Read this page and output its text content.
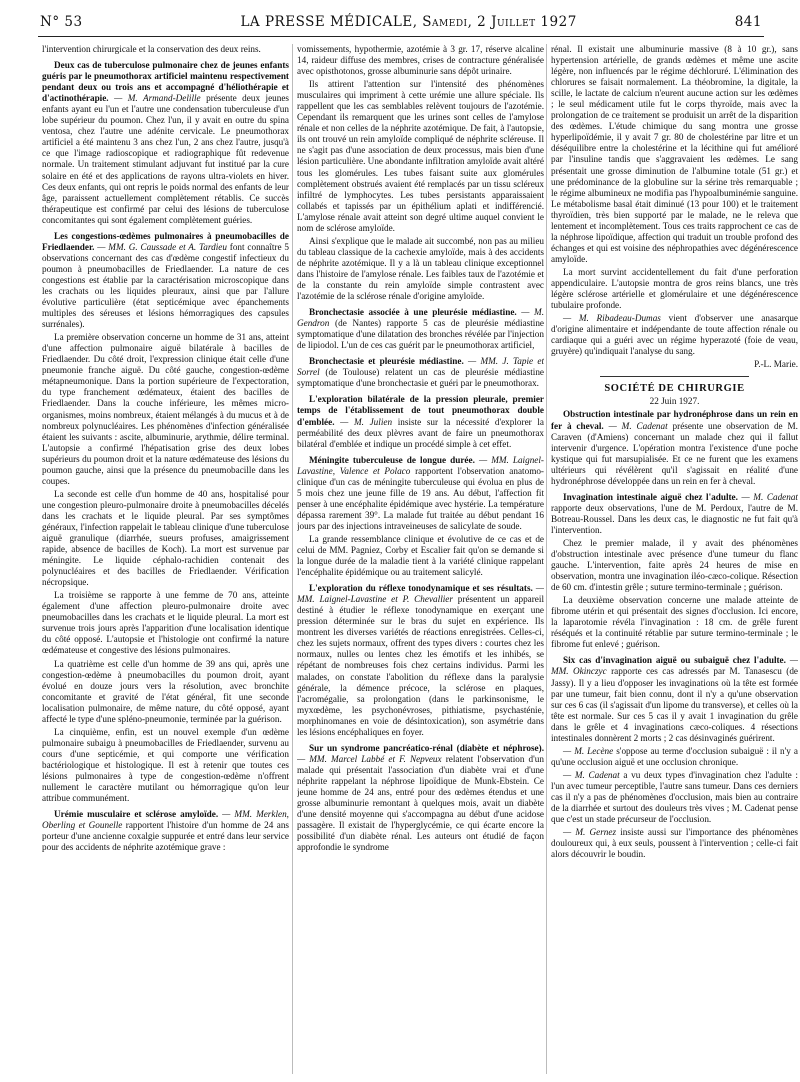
N° 53	LA PRESSE MÉDICALE, Samedi, 2 Juillet 1927	841

l'intervention chirurgicale et la conservation des deux reins.

Deux cas de tuberculose pulmonaire chez de jeunes enfants guéris par le pneumothorax artificiel maintenu respectivement pendant deux ou trois ans et accompagné d'héliothérapie et d'actinothérapie. — M. Armand-Delille présente deux jeunes enfants ayant eu l'un et l'autre une condensation tuberculeuse d'un lobe supérieur du poumon. Chez l'un, il y avait en outre du spina ventosa, chez l'autre une adénite cervicale. Le pneumothorax artificiel a été maintenu 3 ans chez l'un, 2 ans chez l'autre, jusqu'à ce que l'image radioscopique et radiographique fût redevenue normale. Un traitement stimulant adjuvant fut institué par la cure solaire en été et des applications de rayons ultra-violets en hiver. Ces deux enfants, qui ont repris le poids normal des enfants de leur âge, paraissent actuellement complètement rétablis. Ce succès thérapeutique est confirmé par celui des lésions de tuberculose concomitantes qui sont également complètement guéries.

Les congestions-œdèmes pulmonaires à pneumobacilles de Friedlaender. — MM. G. Caussade et A. Tardieu font connaître 5 observations concernant des cas d'œdème congestif infectieux du poumon à pneumobacilles de Friedlaender. La nature de ces congestions est établie par la caractérisation microscopique dans les crachats ou les liquides pleuraux, ainsi que par l'allure évolutive particulière (état septicémique avec épanchements multiples des séreuses et lésions hémorragiques des capsules surrénales).

La première observation concerne un homme de 31 ans, atteint d'une affection pulmonaire aiguë bilatérale à bacilles de Friedlaender. Du côté droit, l'expression clinique était celle d'une pneumonie franche aiguë. Du côté gauche, congestion-œdème métapneumonique. Dans la portion supérieure de l'expectoration, du type franchement œdémateux, étaient des bacilles de Friedlaender. Dans la couche inférieure, les mêmes micro-organismes, moins nombreux, étaient mélangés à du mucus et à de nombreux polynucléaires. Les phénomènes d'infection généralisée étaient les suivants : ascite, albuminurie, arythmie, délire terminal. L'autopsie a confirmé l'hépatisation grise des deux lobes supérieurs du poumon droit et la nature œdémateuse des lésions du poumon gauche, ainsi que la présence du pneumobacille dans les coupes.

La seconde est celle d'un homme de 40 ans, hospitalisé pour une congestion pleuro-pulmonaire droite à pneumobacilles décelés dans les crachats et le liquide pleural. Par ses symptômes généraux, l'infection rappelait le tableau clinique d'une tuberculose aiguë granulique (diarrhée, sueurs profuses, amaigrissement rapide, absence de bacilles de Koch). La mort est survenue par méningite. Le liquide céphalo-rachidien contenait des polynucléaires et des bacilles de Friedlaender. Vérification nécropsique.

La troisième se rapporte à une femme de 70 ans, atteinte également d'une affection pleuro-pulmonaire droite avec pneumobacilles dans les crachats et le liquide pleural. La mort est survenue trois jours après l'apparition d'une localisation identique du côté opposé. L'autopsie et l'histologie ont confirmé la nature œdémateuse et congestive des lésions pulmonaires.

La quatrième est celle d'un homme de 39 ans qui, après une congestion-œdème à pneumobacilles du poumon droit, ayant évolué en douze jours vers la résolution, avec bronchite concomitante et gravité de l'état général, fit une seconde localisation pulmonaire, de même nature, du côté opposé, ayant affecté le type d'une spléno-pneumonie, terminée par la guérison.

La cinquième, enfin, est un nouvel exemple d'un œdème pulmonaire subaigu à pneumobacilles de Friedlaender, survenu au cours d'une septicémie, et qui comporte une vérification bactériologique et histologique. Il est à retenir que toutes ces lésions pulmonaires à type de congestion-œdème n'offrent nullement le caractère mutilant ou hémorragique qu'on leur attribue communément.

Urémie musculaire et sclérose amyloïde. — MM. Merklen, Oberling et Gounelle rapportent l'histoire d'un homme de 24 ans porteur d'une ancienne coxalgie suppurée et entré dans leur service pour des accidents de néphrite azotémique grave :

vomissements, hypothermie, azotémie à 3 gr. 17, réserve alcaline 14, raideur diffuse des membres, crises de contracture généralisée avec opisthotonos, grosse albuminurie sans dépôt urinaire.

Ils attirent l'attention sur l'intensité des phénomènes musculaires qui impriment à cette urémie une allure spéciale. Ils rappellent que les cas semblables relèvent toujours de l'azotémie. Cependant ils remarquent que les urines sont celles de l'amylose rénale et non celles de la néphrite azotémique. De fait, à l'autopsie, ils ont trouvé un rein amyloïde compliqué de néphrite scléreuse. Il ne s'agit pas d'une association de deux processus, mais bien d'une lésion particulière. Une abondante infiltration amyloïde avait altéré tous les glomérules. Les tubes faisant suite aux glomérules complètement obstrués avaient été remplacés par un tissu scléreux infiltré de lymphocytes. Les tubes persistants apparaissaient collabés et tapissés par un épithélium aplati et indifférencié. L'amylose rénale avait atteint son degré ultime auquel convient le nom de sclérose amyloïde.

Ainsi s'explique que le malade ait succombé, non pas au milieu du tableau classique de la cachexie amyloïde, mais à des accidents de néphrite azotémique. Il y a là un tableau clinique exceptionnel dans l'histoire de l'amylose rénale. Les faibles taux de l'azotémie et de la constante du rein amyloïde simple contrastent avec l'azotémie de la sclérose rénale d'origine amyloïde.

Bronchectasie associée à une pleurésie médiastine. — M. Gendron (de Nantes) rapporte 5 cas de pleurésie médiastine symptomatique d'une dilatation des bronches révélée par l'injection de lipiodol. L'un de ces cas guérit par le pneumothorax artificiel,

Bronchectasie et pleurésie médiastine. — MM. J. Tapie et Sorrel (de Toulouse) relatent un cas de pleurésie médiastine symptomatique d'une bronchectasie et guéri par le pneumothorax.

L'exploration bilatérale de la pression pleurale, premier temps de l'établissement de tout pneumothorax double d'emblée. — M. Julien insiste sur la nécessité d'explorer la perméabilité des deux plèvres avant de faire un pneumothorax bilatéral d'emblée et indique un procédé simple à cet effet.

Méningite tuberculeuse de longue durée. — MM. Laignel-Lavastine, Valence et Polaco rapportent l'observation anatomo-clinique d'un cas de méningite tuberculeuse qui évolua en plus de 5 mois chez une jeune fille de 19 ans. Au début, l'affection fit penser à une encéphalite épidémique avec hystérie. La température dépassa rarement 39°. La malade fut traitée au début pendant 16 jours par des injections intraveineuses de salicylate de soude.

La grande ressemblance clinique et évolutive de ce cas et de celui de MM. Pagniez, Corby et Escalier fait qu'on se demande si la longue durée de la maladie tient à la variété clinique rappelant l'encéphalite épidémique ou au traitement salicylé.

L'exploration du réflexe tonodynamique et ses résultats. — MM. Laignel-Lavastine et P. Chevallier présentent un appareil destiné à étudier le réflexe tonodynamique en exerçant une pression déterminée sur le bras du sujet en expérience. Ils montrent les diverses variétés de réactions enregistrées. Celles-ci, chez les sujets normaux, offrent des types divers : courtes chez les normaux, nulles ou lentes chez les émotifs et les inhibés, se répétant de nombreuses fois chez certains individus. Parmi les malades, on constate l'abolition du réflexe dans la paralysie générale, la démence précoce, la sclérose en plaques, l'acromégalie, sa prolongation (dans le parkinsonisme, le myxœdème, les psychonévroses, pithiatisme, psychasténie, morphinomanes en voie de désintoxication), son asymétrie dans les lésions encéphaliques en foyer.

Sur un syndrome pancréatico-rénal (diabète et néphrose). — MM. Marcel Labbé et F. Nepveux relatent l'observation d'un malade qui présentait l'association d'un diabète vrai et d'une néphrite rappelant la néphrose lipoïdique de Munk-Ebstein. Ce jeune homme de 24 ans, entré pour des œdèmes étendus et une grosse albuminurie remontant à quelques mois, avait un diabète d'une densité moyenne qui s'accompagna au début d'une acidose passagère. Il existait de l'hyperglycémie, ce qui écarte encore la possibilité d'un diabète rénal. Les auteurs ont étudié de façon approfondie le syndrome

rénal. Il existait une albuminurie massive (8 à 10 gr.), sans hypertension artérielle, de grands œdèmes et même une ascite légère, non influencés par le régime déchloruré. L'élimination des chlorures se faisait normalement. La théobromine, la digitale, la scille, le lactate de calcium n'eurent aucune action sur les œdèmes ; le seul médicament utile fut le corps thyroïde, mais avec la prolongation de ce traitement se produisit un arrêt de la disparition des œdèmes. L'étude chimique du sang montra une grosse hyperlipoïdémie, il y avait 7 gr. 80 de cholestérine par litre et un déséquilibre entre la cholestérine et la lécithine qui fut amélioré par l'insuline tandis que s'aggravaient les œdèmes. Le sang présentait une grosse diminution de l'albumine totale (51 gr.) et une prédominance de la globuline sur la sérine très remarquable ; le régime albumineux ne modifia pas l'hypoalbuminémie sanguine. Le métabolisme basal était diminué (13 pour 100) et le traitement thyroïdien, très bien supporté par le malade, ne le releva que lentement et incomplètement. Tous ces traits rapprochent ce cas de la néphrose lipoïdique, affection qui traduit un trouble profond des échanges et qui est voisine des néphropathies avec dégénérescence amyloïde.

La mort survint accidentellement du fait d'une perforation appendiculaire. L'autopsie montra de gros reins blancs, une très légère sclérose artérielle et glomérulaire et une dégénérescence tubulaire profonde.

— M. Ribadeau-Dumas vient d'observer une anasarque d'origine alimentaire et indépendante de toute affection rénale ou cardiaque qui a guéri avec un régime hyperazoté (foie de veau, gruyère) qu'indiquait l'analyse du sang.

P.-L. Marie.

SOCIÉTÉ DE CHIRURGIE

22 Juin 1927.

Obstruction intestinale par hydronéphrose dans un rein en fer à cheval. — M. Cadenat présente une observation de M. Caraven (d'Amiens) concernant un malade chez qui il fallut intervenir d'urgence. L'opération montra l'existence d'une poche kystique qui fut marsupialisée. Et ce ne furent que les examens ultérieurs qui révélèrent qu'il s'agissait en réalité d'une hydronéphrose développée dans un rein en fer à cheval.

Invagination intestinale aiguë chez l'adulte. — M. Cadenat rapporte deux observations, l'une de M. Perdoux, l'autre de M. Botreau-Roussel. Dans les deux cas, le diagnostic ne fut fait qu'à l'intervention.

Chez le premier malade, il y avait des phénomènes d'obstruction intestinale avec présence d'une tumeur du flanc gauche. L'intervention, faite après 24 heures de mise en observation, montra une invagination iléo-cæco-colique. Résection de 60 cm. d'intestin grêle ; suture termino-terminale ; guérison.

La deuxième observation concerne une malade atteinte de fibrome utérin et qui présentait des signes d'occlusion. Ici encore, la laparotomie révéla l'invagination : 18 cm. de grêle furent réséqués et la continuité rétablie par suture termino-terminale ; le fibrome fut enlevé ; guérison.

Six cas d'invagination aiguë ou subaiguë chez l'adulte. — MM. Okinczyc rapporte ces cas adressés par M. Tanasescu (de Jassy). Il y a lieu d'opposer les invaginations où la tête est formée par une tumeur, fait bien connu, dont il n'y a qu'une observation sur ces 6 cas (il s'agissait d'un lipome du transverse), et celles où la tête est normale. Sur ces 5 cas il y avait 1 invagination du grêle dans le grêle et 4 invaginations cæco-coliques. 4 résections intestinales donnèrent 2 morts ; 2 cas désinvaginés guérirent.

— M. Lecène s'oppose au terme d'occlusion subaiguë : il n'y a qu'une occlusion aiguë et une occlusion chronique.

— M. Cadenat a vu deux types d'invagination chez l'adulte : l'un avec tumeur perceptible, l'autre sans tumeur. Dans ces derniers cas il n'y a pas de phénomènes d'occlusion, mais bien au contraire de la diarrhée et surtout des douleurs très vives ; M. Cadenat pense que c'est un stade précurseur de l'occlusion.

— M. Gernez insiste aussi sur l'importance des phénomènes douloureux qui, à eux seuls, poussent à l'intervention ; celle-ci fait alors découvrir le boudin.
